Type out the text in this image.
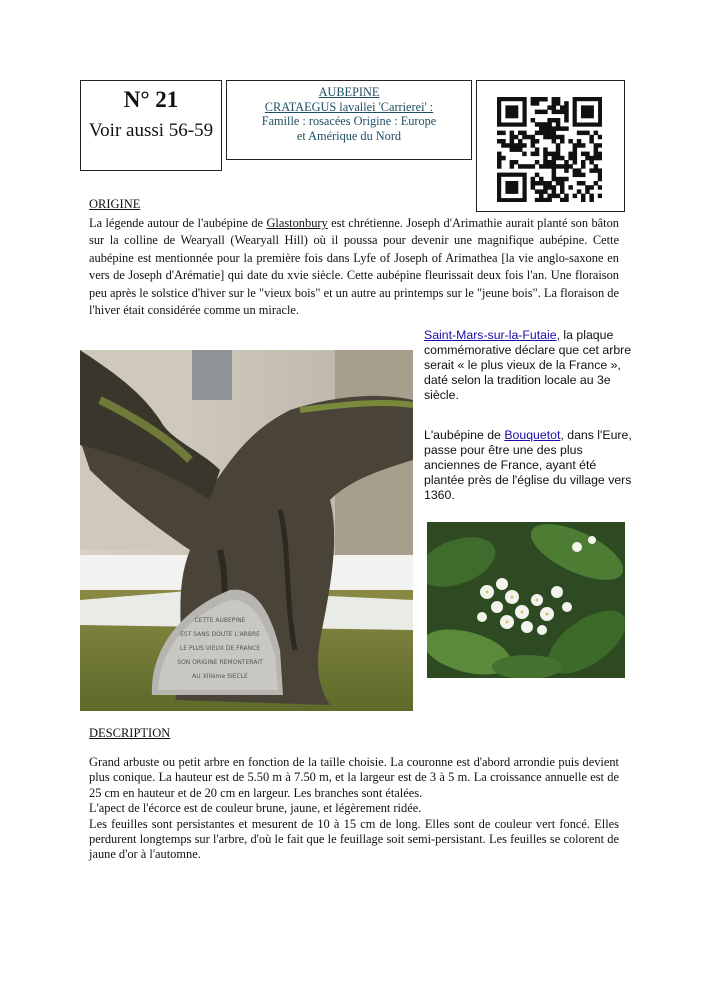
N° 21
Voir aussi 56-59
AUBEPINE
CRATAEGUS lavallei 'Carrierei' :
Famille : rosacées Origine : Europe
et Amérique du Nord
ORIGINE
La légende autour de l'aubépine de Glastonbury est chrétienne. Joseph d'Arimathie aurait planté son bâton sur la colline de Wearyall (Wearyall Hill) où il poussa pour devenir une magnifique aubépine. Cette aubépine est mentionnée pour la première fois dans Lyfe of Joseph of Arimathea [la vie anglo-saxone en vers de Joseph d'Arématie] qui date du xvie siècle. Cette aubépine fleurissait deux fois l'an. Une floraison peu après le solstice d'hiver sur le "vieux bois" et un autre au printemps sur le "jeune bois". La floraison de l'hiver était considérée comme un miracle.
Saint-Mars-sur-la-Futaie, la plaque commémorative déclare que cet arbre serait « le plus vieux de la France », daté selon la tradition locale au 3e siècle.
L'aubépine de Bouquetot, dans l'Eure, passe pour être une des plus anciennes de France, ayant été plantée près de l'église du village vers 1360.
CETTE AUBEPINE
EST SANS DOUTE L'ARBRE
LE PLUS VIEUX DE FRANCE
SON ORIGINE REMONTERAIT
AU XIIIème SIECLE
DESCRIPTION

Grand arbuste ou petit arbre en fonction de la taille choisie. La couronne est d'abord arrondie puis devient plus conique. La hauteur est de 5.50 m à 7.50 m, et la largeur est de 3 à 5 m. La croissance annuelle est de 25 cm en hauteur et de 20 cm en largeur. Les branches sont étalées.

L'apect de l'écorce est de couleur brune, jaune, et légèrement ridée.

Les feuilles sont persistantes et mesurent de 10 à 15 cm de long. Elles sont de couleur vert foncé. Elles perdurent longtemps sur l'arbre, d'où le fait que le feuillage soit semi-persistant. Les feuilles se colorent de jaune d'or à l'automne.
